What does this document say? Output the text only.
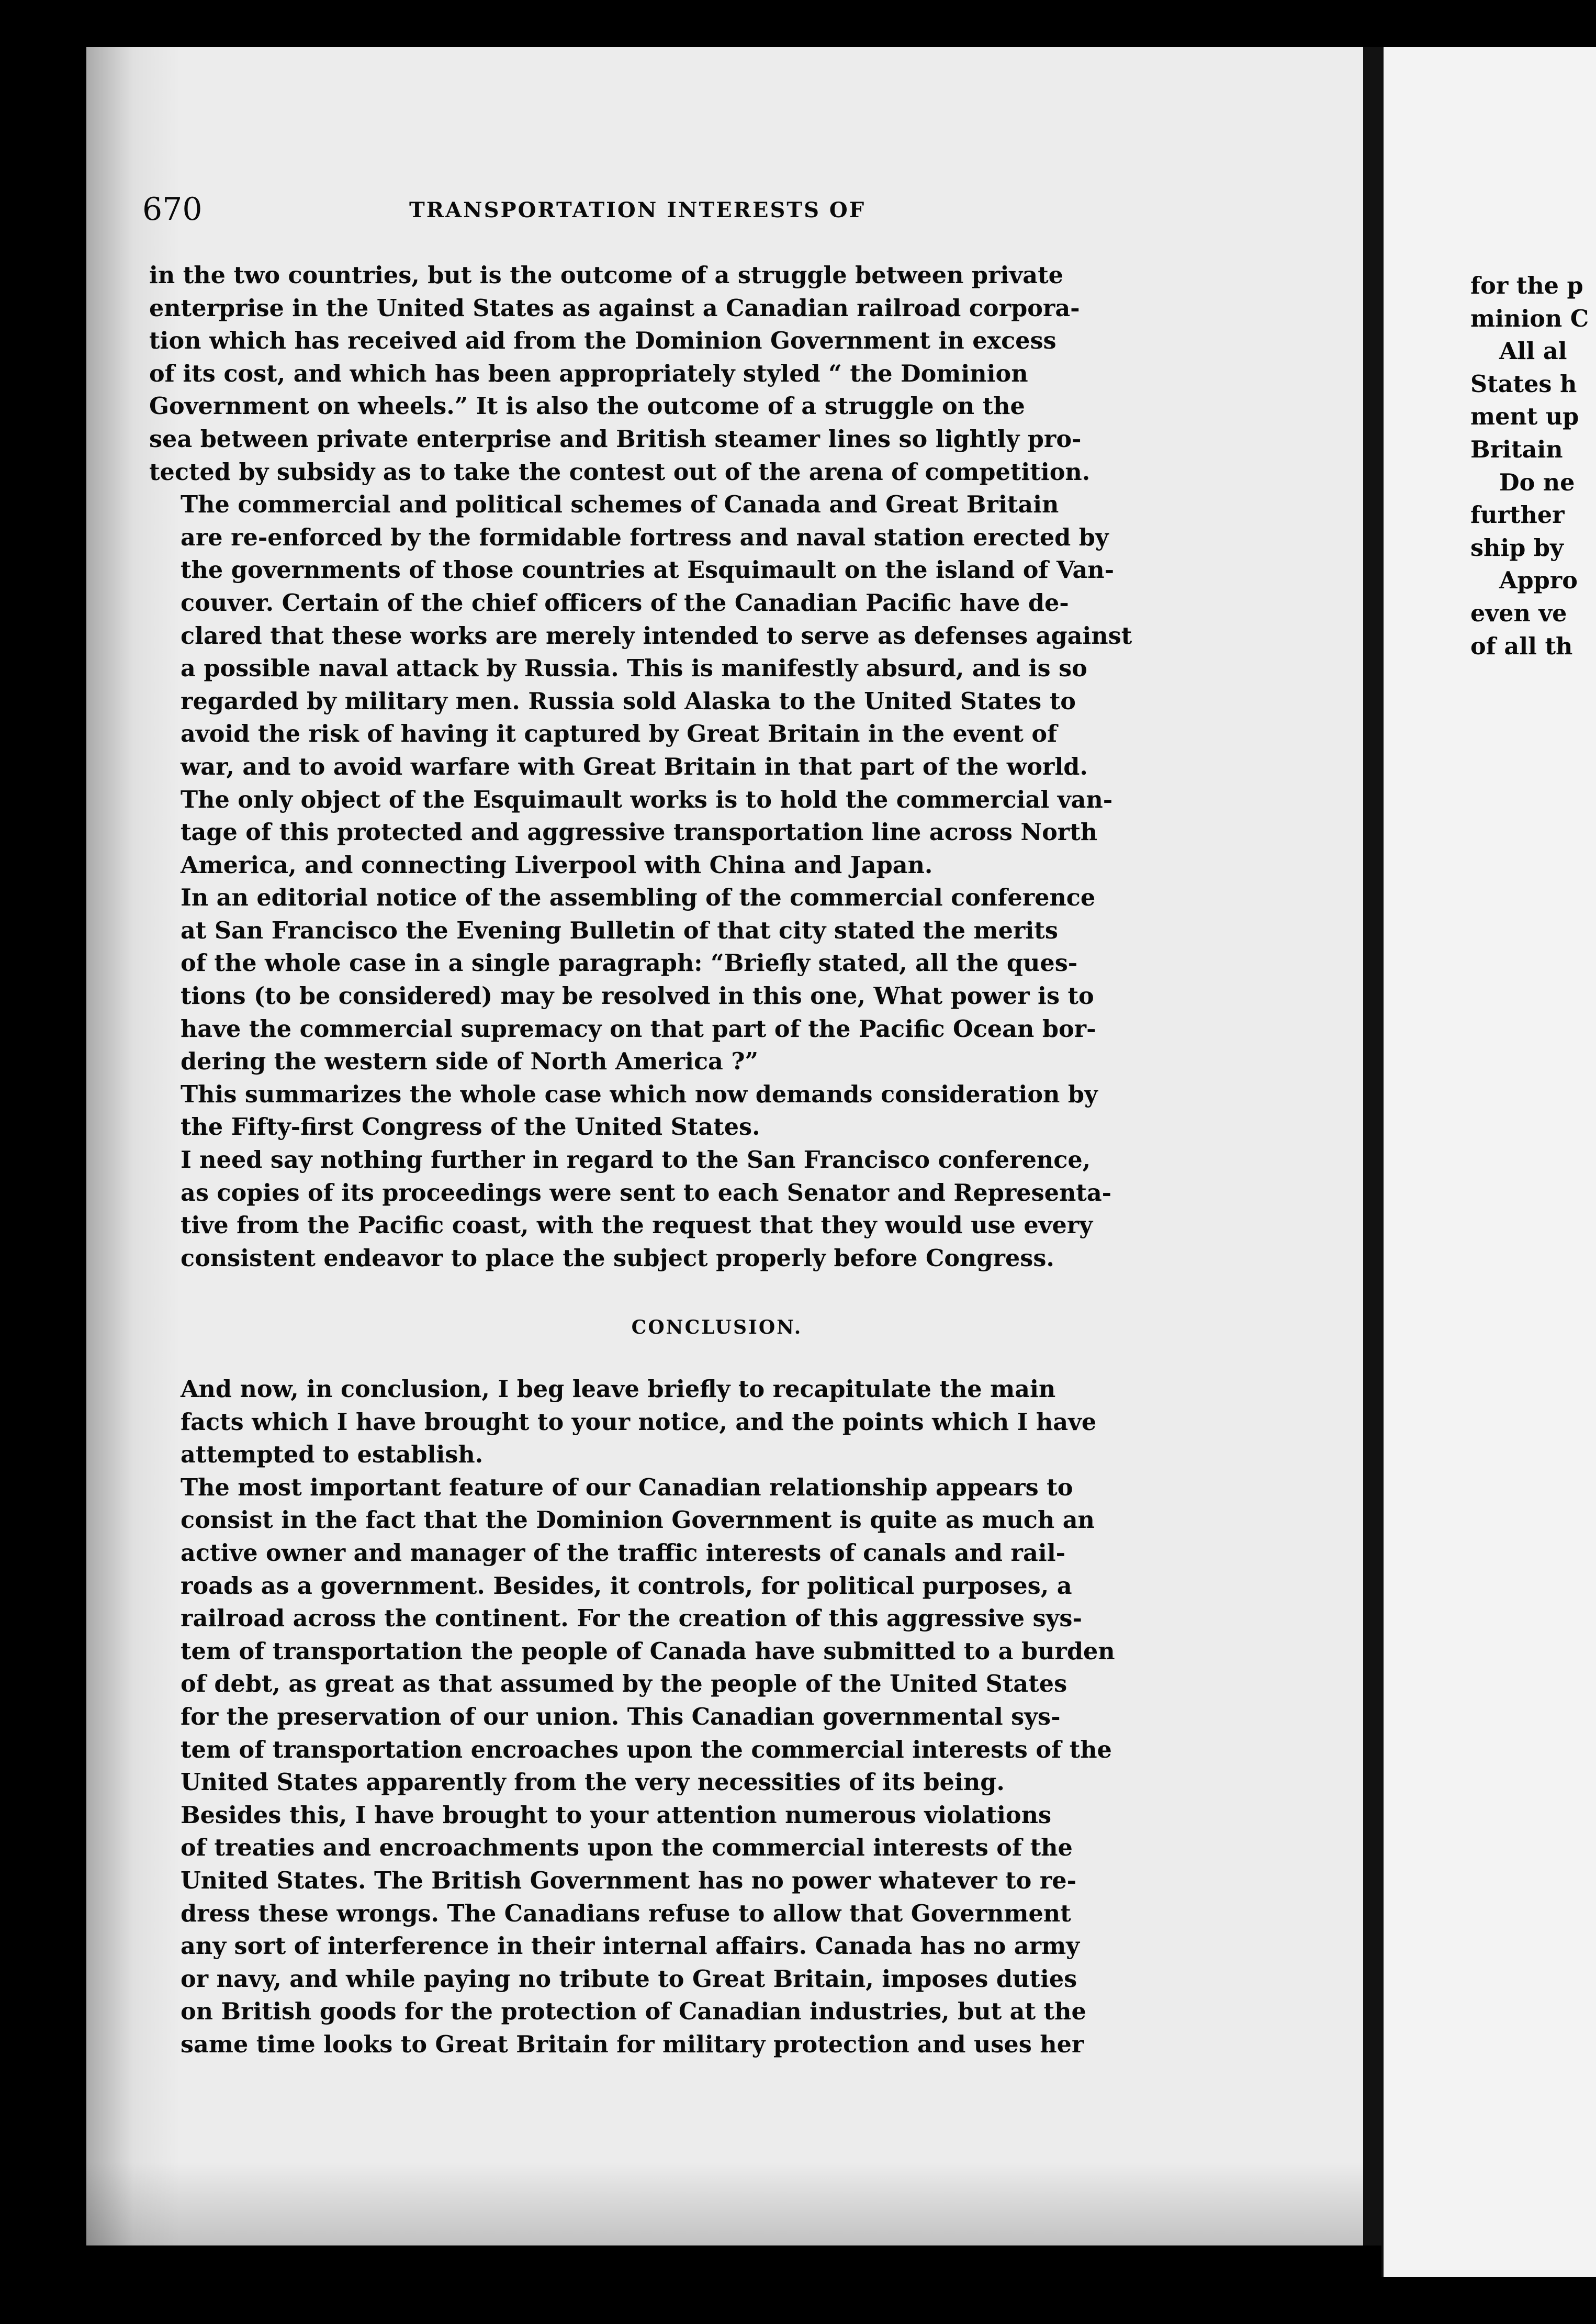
670	TRANSPORTATION INTERESTS OF

in the two countries, but is the outcome of a struggle between private
enterprise in the United States as against a Canadian railroad corpora-
tion which has received aid from the Dominion Government in excess
of its cost, and which has been appropriately styled “ the Dominion
Government on wheels.” It is also the outcome of a struggle on the
sea between private enterprise and British steamer lines so lightly pro-
tected by subsidy as to take the contest out of the arena of competition.

The commercial and political schemes of Canada and Great Britain
are re-enforced by the formidable fortress and naval station erected by
the governments of those countries at Esquimault on the island of Van-
couver. Certain of the chief officers of the Canadian Pacific have de-
clared that these works are merely intended to serve as defenses against
a possible naval attack by Russia. This is manifestly absurd, and is so
regarded by military men. Russia sold Alaska to the United States to
avoid the risk of having it captured by Great Britain in the event of
war, and to avoid warfare with Great Britain in that part of the world.
The only object of the Esquimault works is to hold the commercial van-
tage of this protected and aggressive transportation line across North
America, and connecting Liverpool with China and Japan.

In an editorial notice of the assembling of the commercial conference
at San Francisco the Evening Bulletin of that city stated the merits
of the whole case in a single paragraph: “Briefly stated, all the ques-
tions (to be considered) may be resolved in this one, What power is to
have the commercial supremacy on that part of the Pacific Ocean bor-
dering the western side of North America ?”

This summarizes the whole case which now demands consideration by
the Fifty-first Congress of the United States.

I need say nothing further in regard to the San Francisco conference,
as copies of its proceedings were sent to each Senator and Representa-
tive from the Pacific coast, with the request that they would use every
consistent endeavor to place the subject properly before Congress.

CONCLUSION.

And now, in conclusion, I beg leave briefly to recapitulate the main
facts which I have brought to your notice, and the points which I have
attempted to establish.

The most important feature of our Canadian relationship appears to
consist in the fact that the Dominion Government is quite as much an
active owner and manager of the traffic interests of canals and rail-
roads as a government. Besides, it controls, for political purposes, a
railroad across the continent. For the creation of this aggressive sys-
tem of transportation the people of Canada have submitted to a burden
of debt, as great as that assumed by the people of the United States
for the preservation of our union. This Canadian governmental sys-
tem of transportation encroaches upon the commercial interests of the
United States apparently from the very necessities of its being.

Besides this, I have brought to your attention numerous violations
of treaties and encroachments upon the commercial interests of the
United States. The British Government has no power whatever to re-
dress these wrongs. The Canadians refuse to allow that Government
any sort of interference in their internal affairs. Canada has no army
or navy, and while paying no tribute to Great Britain, imposes duties
on British goods for the protection of Canadian industries, but at the
same time looks to Great Britain for military protection and uses her

for the p
minion C
All al
States h
ment up
Britain
Do ne
further
ship by
Appro
even ve
of all th
